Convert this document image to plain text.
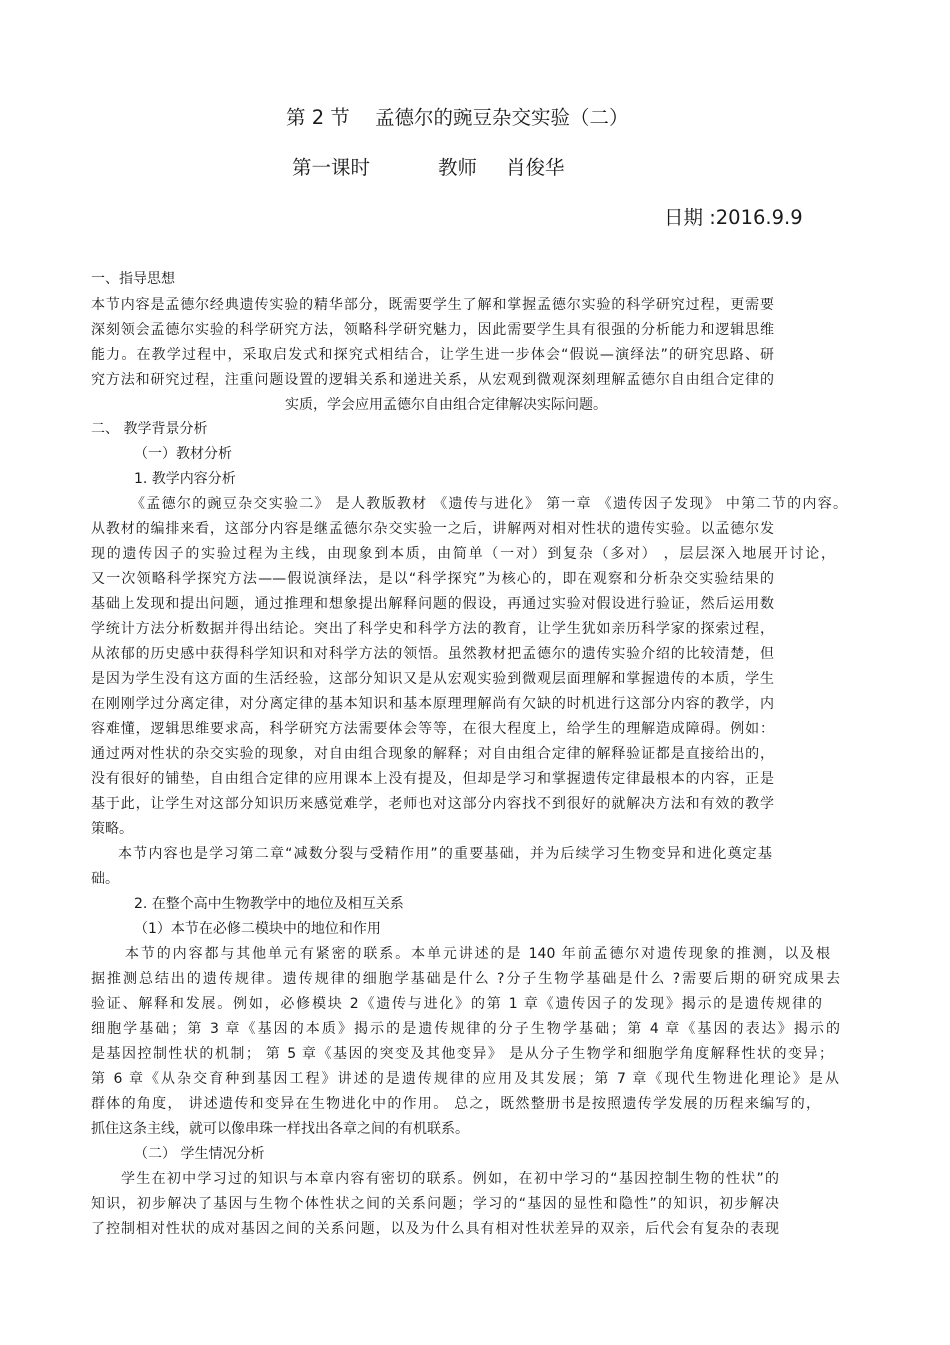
第 2 节 孟德尔的豌豆杂交实验（二）
第一课时	教师 肖俊华
日期 :2016.9.9
一、指导思想
本节内容是孟德尔经典遗传实验的精华部分，既需要学生了解和掌握孟德尔实验的科学研究过程，更需要
深刻领会孟德尔实验的科学研究方法，领略科学研究魅力，因此需要学生具有很强的分析能力和逻辑思维
能力。在教学过程中，采取启发式和探究式相结合，让学生进一步体会“假说—演绎法”的研究思路、研
究方法和研究过程，注重问题设置的逻辑关系和递进关系，从宏观到微观深刻理解孟德尔自由组合定律的
实质，学会应用孟德尔自由组合定律解决实际问题。
二、 教学背景分析
（一）教材分析
1. 教学内容分析
《孟德尔的豌豆杂交实验二》 是人教版教材 《遗传与进化》 第一章 《遗传因子发现》 中第二节的内容。
从教材的编排来看，这部分内容是继孟德尔杂交实验一之后，讲解两对相对性状的遗传实验。以孟德尔发
现的遗传因子的实验过程为主线，由现象到本质，由简单（一对）到复杂（多对） ，层层深入地展开讨论，
又一次领略科学探究方法——假说演绎法，是以“科学探究”为核心的，即在观察和分析杂交实验结果的
基础上发现和提出问题，通过推理和想象提出解释问题的假设，再通过实验对假设进行验证，然后运用数
学统计方法分析数据并得出结论。突出了科学史和科学方法的教育，让学生犹如亲历科学家的探索过程，
从浓郁的历史感中获得科学知识和对科学方法的领悟。虽然教材把孟德尔的遗传实验介绍的比较清楚，但
是因为学生没有这方面的生活经验，这部分知识又是从宏观实验到微观层面理解和掌握遗传的本质，学生
在刚刚学过分离定律，对分离定律的基本知识和基本原理理解尚有欠缺的时机进行这部分内容的教学，内
容难懂，逻辑思维要求高，科学研究方法需要体会等等，在很大程度上，给学生的理解造成障碍。例如：
通过两对性状的杂交实验的现象，对自由组合现象的解释；对自由组合定律的解释验证都是直接给出的，
没有很好的铺垫，自由组合定律的应用课本上没有提及，但却是学习和掌握遗传定律最根本的内容，正是
基于此，让学生对这部分知识历来感觉难学，老师也对这部分内容找不到很好的就解决方法和有效的教学
策略。
本节内容也是学习第二章“减数分裂与受精作用”的重要基础，并为后续学习生物变异和进化奠定基
础。
2. 在整个高中生物教学中的地位及相互关系
（1）本节在必修二模块中的地位和作用
本节的内容都与其他单元有紧密的联系。本单元讲述的是 140 年前孟德尔对遗传现象的推测，以及根
据推测总结出的遗传规律。遗传规律的细胞学基础是什么 ?分子生物学基础是什么 ?需要后期的研究成果去
验证、解释和发展。例如，必修模块 2《遗传与进化》的第 1 章《遗传因子的发现》揭示的是遗传规律的
细胞学基础；第 3 章《基因的本质》揭示的是遗传规律的分子生物学基础；第 4 章《基因的表达》揭示的
是基因控制性状的机制； 第 5 章《基因的突变及其他变异》 是从分子生物学和细胞学角度解释性状的变异；
第 6 章《从杂交育种到基因工程》讲述的是遗传规律的应用及其发展；第 7 章《现代生物进化理论》是从
群体的角度， 讲述遗传和变异在生物进化中的作用。 总之，既然整册书是按照遗传学发展的历程来编写的，
抓住这条主线，就可以像串珠一样找出各章之间的有机联系。
（二） 学生情况分析
学生在初中学习过的知识与本章内容有密切的联系。例如，在初中学习的“基因控制生物的性状”的
知识，初步解决了基因与生物个体性状之间的关系问题；学习的“基因的显性和隐性”的知识，初步解决
了控制相对性状的成对基因之间的关系问题，以及为什么具有相对性状差异的双亲，后代会有复杂的表现
